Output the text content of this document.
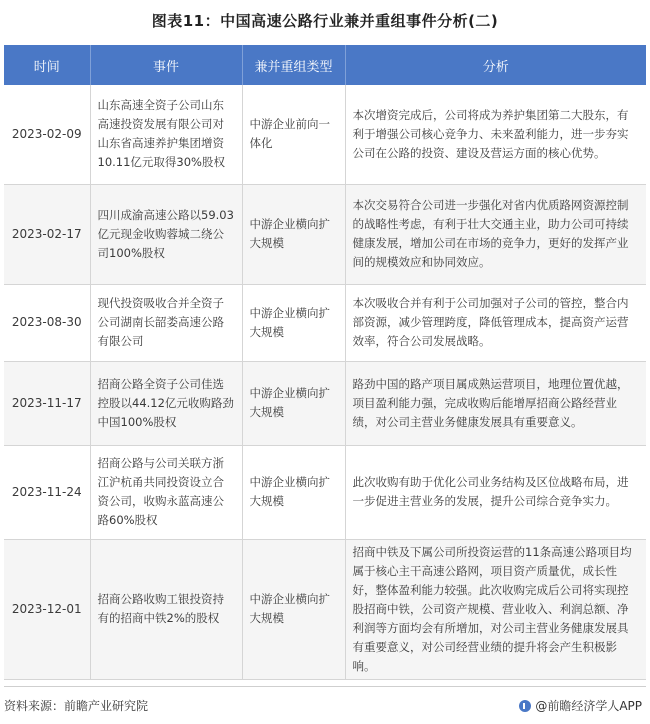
图表11：中国高速公路行业兼并重组事件分析(二)
时间	事件	兼并重组类型	分析
2023-02-09	山东高速全资子公司山东高速投资发展有限公司对山东省高速养护集团增资10.11亿元取得30%股权	中游企业前向一体化	本次增资完成后，公司将成为养护集团第二大股东，有利于增强公司核心竞争力、未来盈利能力，进一步夯实公司在公路的投资、建设及营运方面的核心优势。
2023-02-17	四川成渝高速公路以59.03亿元现金收购蓉城二绕公司100%股权	中游企业横向扩大规模	本次交易符合公司进一步强化对省内优质路网资源控制的战略性考虑，有利于壮大交通主业，助力公司可持续健康发展，增加公司在市场的竞争力，更好的发挥产业间的规模效应和协同效应。
2023-08-30	现代投资吸收合并全资子公司湖南长韶娄高速公路有限公司	中游企业横向扩大规模	本次吸收合并有利于公司加强对子公司的管控，整合内部资源，减少管理跨度，降低管理成本，提高资产运营效率，符合公司发展战略。
2023-11-17	招商公路全资子公司佳选控股以44.12亿元收购路劲中国100%股权	中游企业横向扩大规模	路劲中国的路产项目属成熟运营项目，地理位置优越，项目盈利能力强，完成收购后能增厚招商公路经营业绩，对公司主营业务健康发展具有重要意义。
2023-11-24	招商公路与公司关联方浙江沪杭甬共同投资设立合资公司，收购永蓝高速公路60%股权	中游企业横向扩大规模	此次收购有助于优化公司业务结构及区位战略布局，进一步促进主营业务的发展，提升公司综合竞争实力。
2023-12-01	招商公路收购工银投资持有的招商中铁2%的股权	中游企业横向扩大规模	招商中铁及下属公司所投资运营的11条高速公路项目均属于核心主干高速公路网，项目资产质量优，成长性好，整体盈利能力较强。此次收购完成后公司将实现控股招商中铁，公司资产规模、营业收入、利润总额、净利润等方面均会有所增加，对公司主营业务健康发展具有重要意义，对公司经营业绩的提升将会产生积极影响。
资料来源：前瞻产业研究院	@前瞻经济学人APP
